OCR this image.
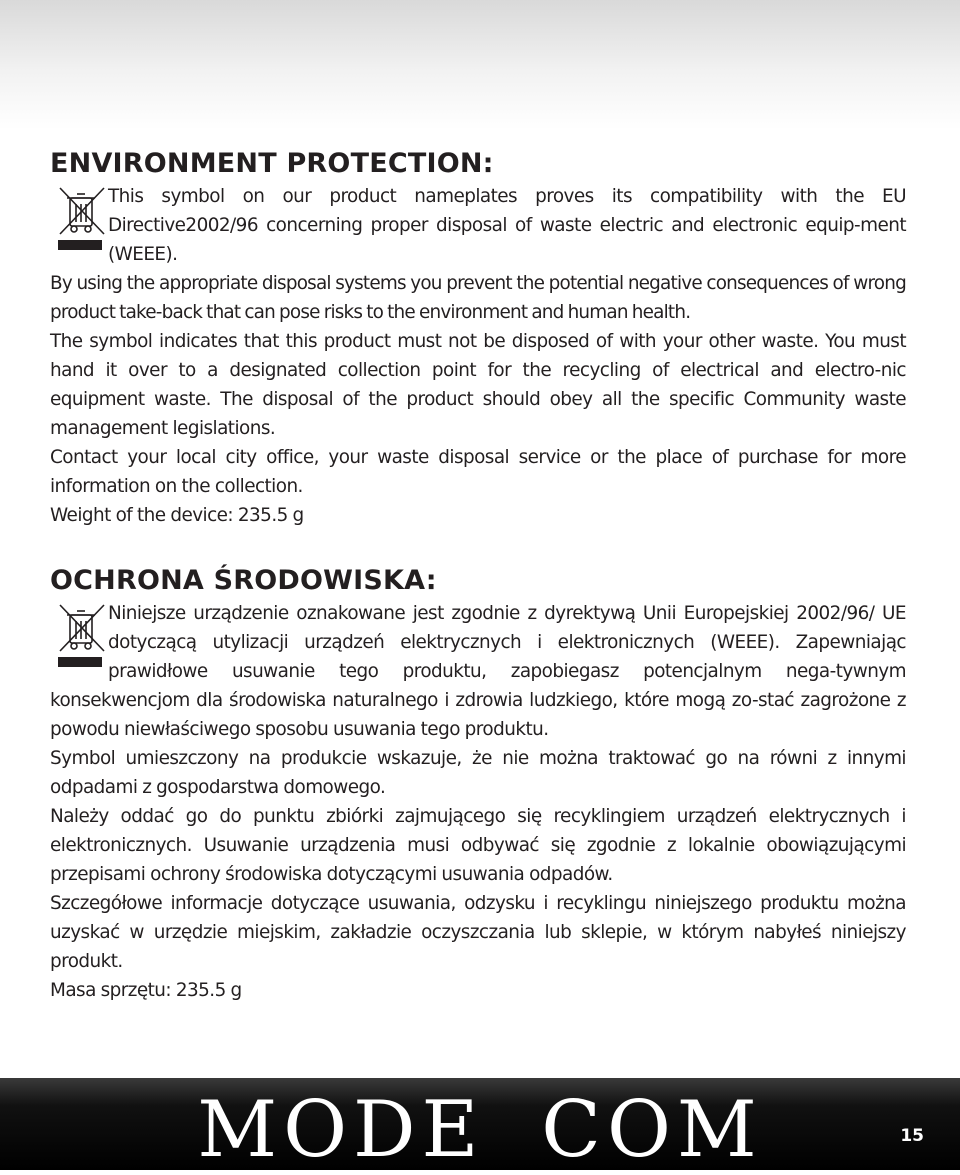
ENVIRONMENT PROTECTION:

This symbol on our product nameplates proves its compatibility with the EU Directive2002/96 concerning proper disposal of waste electric and electronic equip-ment (WEEE).

By using the appropriate disposal systems you prevent the potential negative consequences of wrong product take-back that can pose risks to the environment and human health.

The symbol indicates that this product must not be disposed of with your other waste. You must hand it over to a designated collection point for the recycling of electrical and electro-nic equipment waste. The disposal of the product should obey all the specific Community waste management legislations.

Contact your local city office, your waste disposal service or the place of purchase for more information on the collection.

Weight of the device: 235.5 g

OCHRONA ŚRODOWISKA:

Niniejsze urządzenie oznakowane jest zgodnie z dyrektywą Unii Europejskiej 2002/96/ UE dotyczącą utylizacji urządzeń elektrycznych i elektronicznych (WEEE). Zapewniając prawidłowe usuwanie tego produktu, zapobiegasz potencjalnym nega-tywnym konsekwencjom dla środowiska naturalnego i zdrowia ludzkiego, które mogą zo-stać zagrożone z powodu niewłaściwego sposobu usuwania tego produktu.

Symbol umieszczony na produkcie wskazuje, że nie można traktować go na równi z innymi odpadami z gospodarstwa domowego.

Należy oddać go do punktu zbiórki zajmującego się recyklingiem urządzeń elektrycznych i elektronicznych. Usuwanie urządzenia musi odbywać się zgodnie z lokalnie obowiązującymi przepisami ochrony środowiska dotyczącymi usuwania odpadów.

Szczegółowe informacje dotyczące usuwania, odzysku i recyklingu niniejszego produktu można uzyskać w urzędzie miejskim, zakładzie oczyszczania lub sklepie, w którym nabyłeś niniejszy produkt.

Masa sprzętu: 235.5 g

MODE COM	15
